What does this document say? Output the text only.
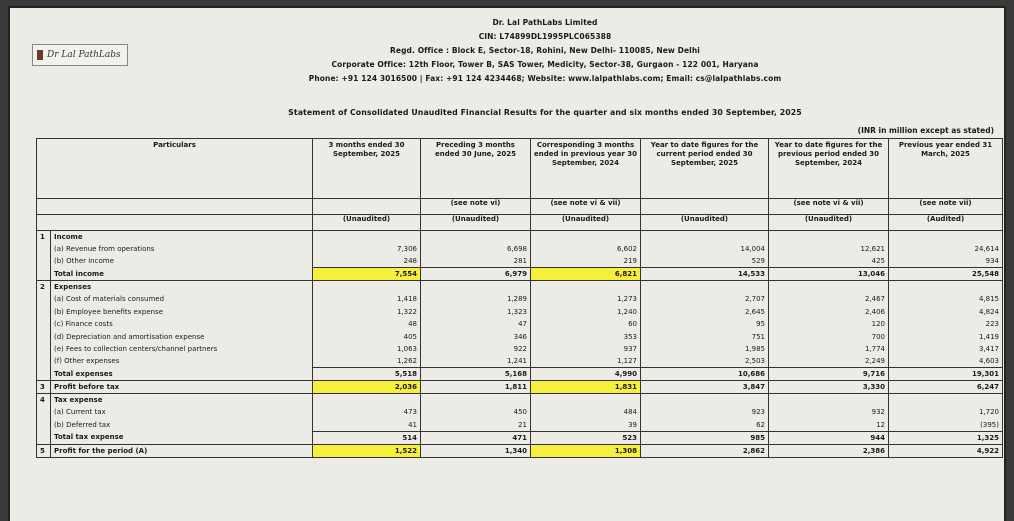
Dr Lal PathLabs
Dr. Lal PathLabs Limited
CIN: L74899DL1995PLC065388
Regd. Office : Block E, Sector-18, Rohini, New Delhi- 110085, New Delhi
Corporate Office: 12th Floor, Tower B, SAS Tower, Medicity, Sector-38, Gurgaon - 122 001, Haryana
Phone: +91 124 3016500 | Fax: +91 124 4234468; Website: www.lalpathlabs.com; Email: cs@lalpathlabs.com
Statement of Consolidated Unaudited Financial Results for the quarter and six months ended 30 September, 2025
(INR in million except as stated)
Particulars		3 months ended 30 September, 2025	Preceding 3 months ended 30 June, 2025	Corresponding 3 months ended in previous year 30 September, 2024	Year to date figures for the current period ended 30 September, 2025	Year to date figures for the previous period ended 30 September, 2024	Previous year ended 31 March, 2025
			(see note vi)	(see note vi & vii)		(see note vi & vii)	(see note vii)
		(Unaudited)	(Unaudited)	(Unaudited)	(Unaudited)	(Unaudited)	(Audited)
1	Income						
	(a) Revenue from operations	7,306	6,698	6,602	14,004	12,621	24,614
	(b) Other income	248	281	219	529	425	934
	Total income	7,554	6,979	6,821	14,533	13,046	25,548
2	Expenses						
	(a) Cost of materials consumed	1,418	1,289	1,273	2,707	2,467	4,815
	(b) Employee benefits expense	1,322	1,323	1,240	2,645	2,406	4,824
	(c) Finance costs	48	47	60	95	120	223
	(d) Depreciation and amortisation expense	405	346	353	751	700	1,419
	(e) Fees to collection centers/channel partners	1,063	922	937	1,985	1,774	3,417
	(f) Other expenses	1,262	1,241	1,127	2,503	2,249	4,603
	Total expenses	5,518	5,168	4,990	10,686	9,716	19,301
3	Profit before tax	2,036	1,811	1,831	3,847	3,330	6,247
4	Tax expense						
	(a) Current tax	473	450	484	923	932	1,720
	(b) Deferred tax	41	21	39	62	12	(395)
	Total tax expense	514	471	523	985	944	1,325
5	Profit for the period (A)	1,522	1,340	1,308	2,862	2,386	4,922
